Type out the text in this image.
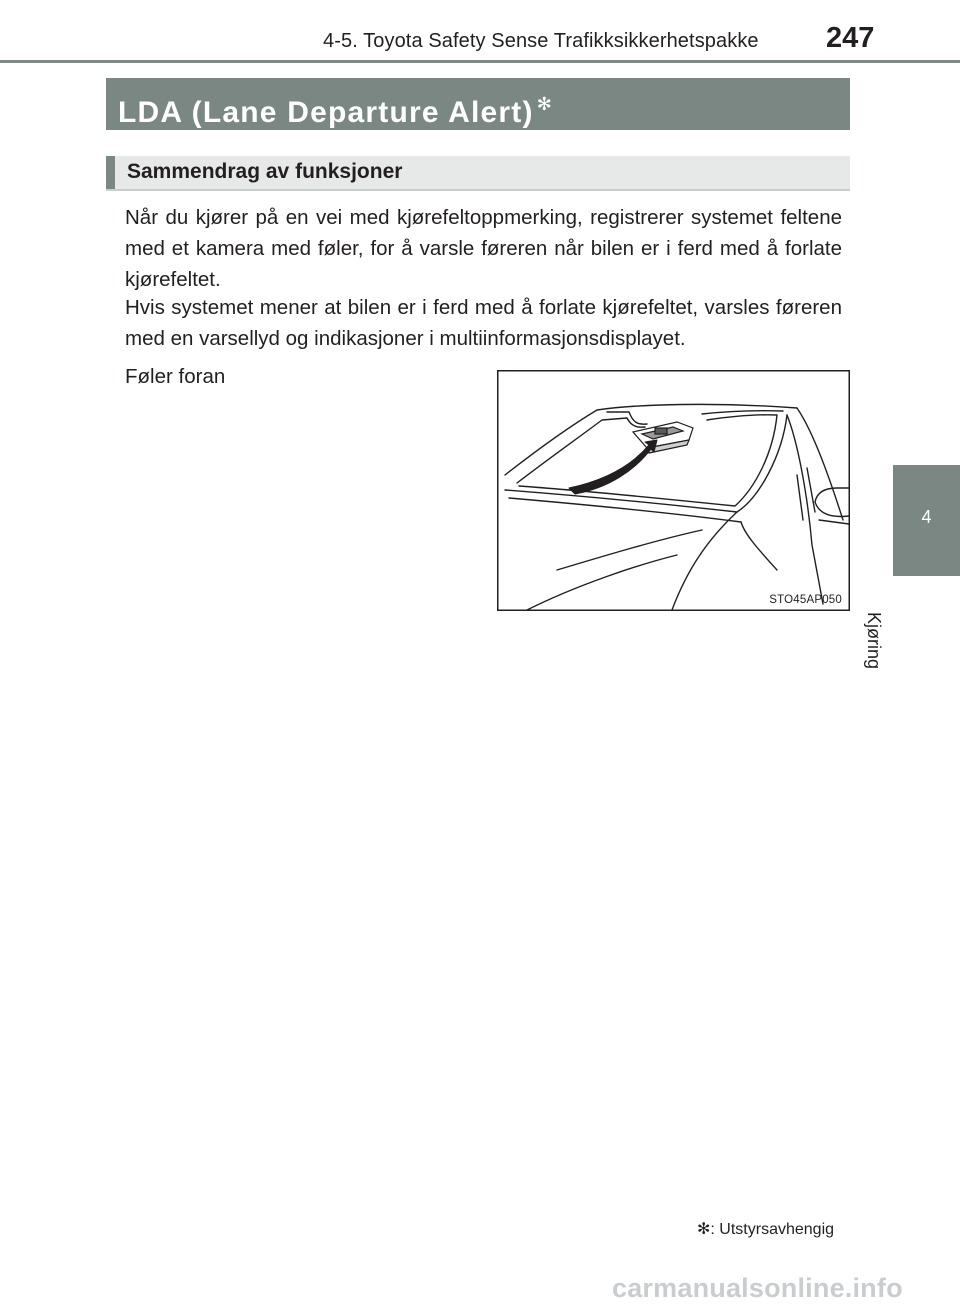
4-5. Toyota Safety Sense Trafikksikkerhetspakke 247
LDA (Lane Departure Alert) ✻
Sammendrag av funksjoner
Når du kjører på en vei med kjørefeltoppmerking, registrerer systemet feltene med et kamera med føler, for å varsle føreren når bilen er i ferd med å forlate kjørefeltet.
Hvis systemet mener at bilen er i ferd med å forlate kjørefeltet, varsles føreren med en varsellyd og indikasjoner i multiinformasjonsdisplayet.
Føler foran
STO45AP050
4
Kjøring
✻: Utstyrsavhengig
carmanualsonline.info
